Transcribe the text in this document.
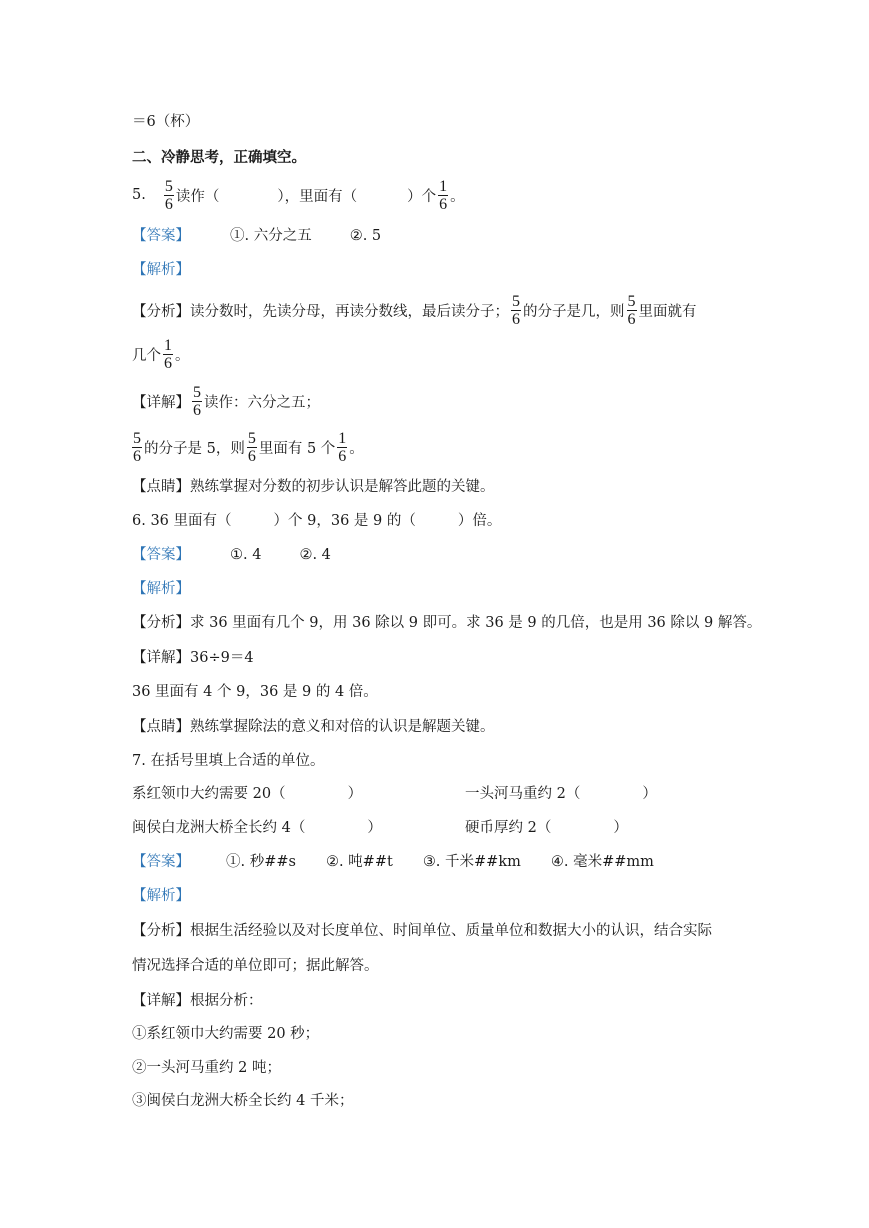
＝6（杯）
二、冷静思考，正确填空。
5. $\frac{5}{6}$ 读作（	），里面有（	）个 $\frac{1}{6}$ 。
【答案】	①. 六分之五	②. 5
【解析】
【分析】读分数时，先读分母，再读分数线，最后读分子； $\frac{5}{6}$ 的分子是几，则 $\frac{5}{6}$ 里面就有
几个 $\frac{1}{6}$ 。
【详解】 $\frac{5}{6}$ 读作：六分之五；
$\frac{5}{6}$ 的分子是 5，则 $\frac{5}{6}$ 里面有 5 个 $\frac{1}{6}$ 。
【点睛】熟练掌握对分数的初步认识是解答此题的关键。
6. 36 里面有（	）个 9，36 是 9 的（	）倍。
【答案】	①. 4	②. 4
【解析】
【分析】求 36 里面有几个 9，用 36 除以 9 即可。求 36 是 9 的几倍，也是用 36 除以 9 解答。
【详解】36÷9＝4
36 里面有 4 个 9，36 是 9 的 4 倍。
【点睛】熟练掌握除法的意义和对倍的认识是解题关键。
7. 在括号里填上合适的单位。
系红领巾大约需要 20（	）	一头河马重约 2（	）
闽侯白龙洲大桥全长约 4（	）	硬币厚约 2（	）
【答案】 ①. 秒##s ②. 吨##t ③. 千米##km ④. 毫米##mm
【解析】
【分析】根据生活经验以及对长度单位、时间单位、质量单位和数据大小的认识，结合实际
情况选择合适的单位即可；据此解答。
【详解】根据分析：
①系红领巾大约需要 20 秒；
②一头河马重约 2 吨；
③闽侯白龙洲大桥全长约 4 千米；
